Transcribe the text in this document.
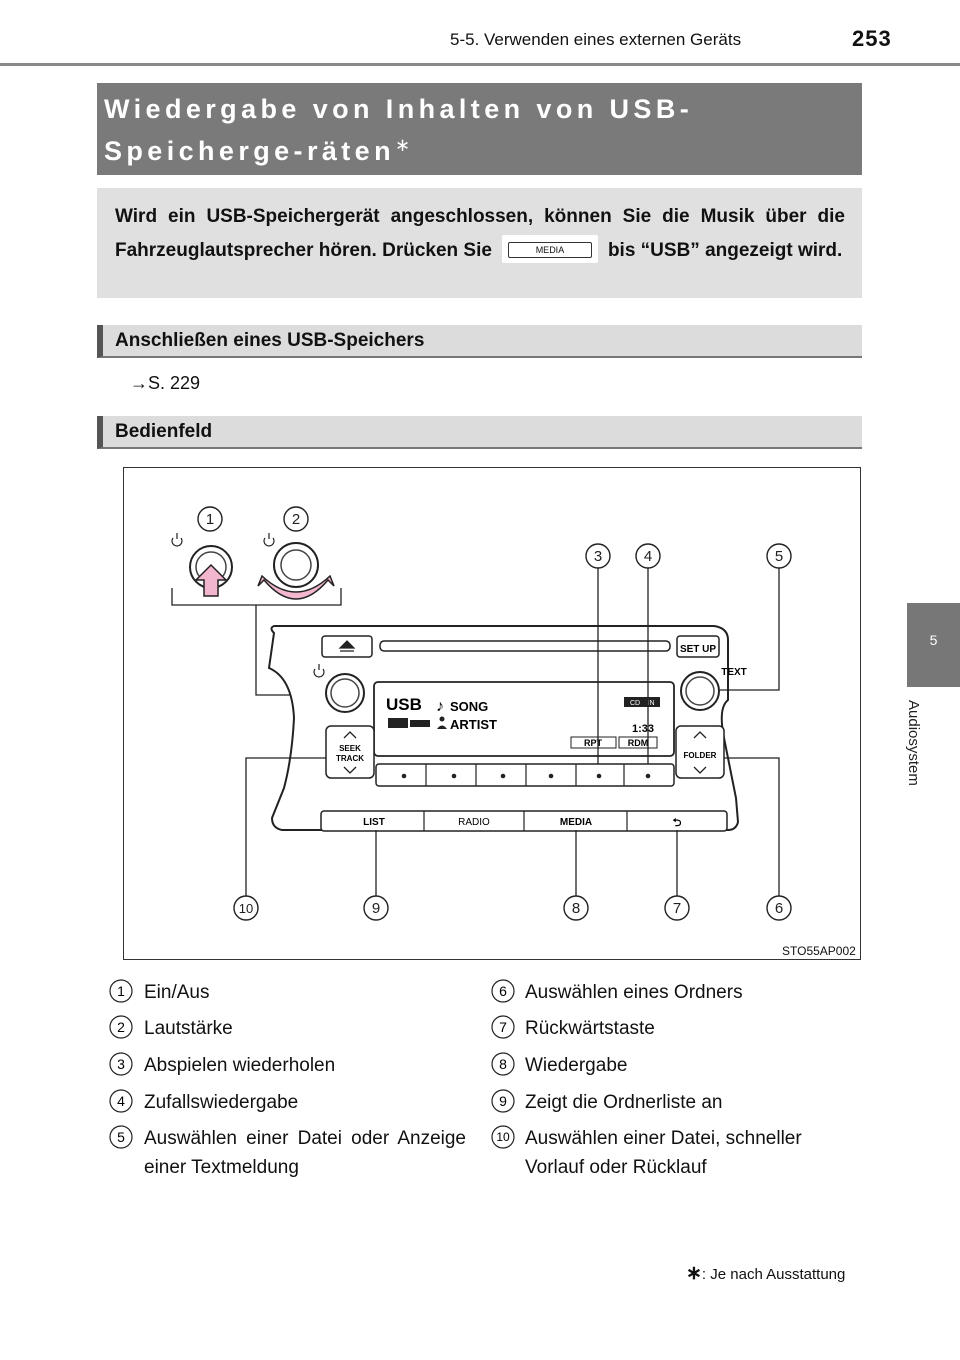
5-5. Verwenden eines externen Geräts	253
5
Audiosystem
Wiedergabe von Inhalten von USB-Speicherge-räten∗
Wird ein USB-Speichergerät angeschlossen, können Sie die Musik über die Fahrzeuglautsprecher hören. Drücken Sie	MEDIA	bis “USB” angezeigt wird.
Anschließen eines USB-Speichers
→S. 229
Bedienfeld
SET UP
TEXT
USB ♪ SONG
ARTIST
CD IN
1:33
RPT	RDM
SEEK
TRACK	FOLDER
LIST	RADIO	MEDIA	⮌
1	2
3	4	5
6
7
8
9
10
STO55AP002
1 Ein/Aus
2 Lautstärke
3 Abspielen wiederholen
4 Zufallswiedergabe
5 Auswählen einer Datei oder Anzeige einer Textmeldung
6 Auswählen eines Ordners
7 Rückwärtstaste
8 Wiedergabe
9 Zeigt die Ordnerliste an
10 Auswählen einer Datei, schneller Vorlauf oder Rücklauf
∗: Je nach Ausstattung
